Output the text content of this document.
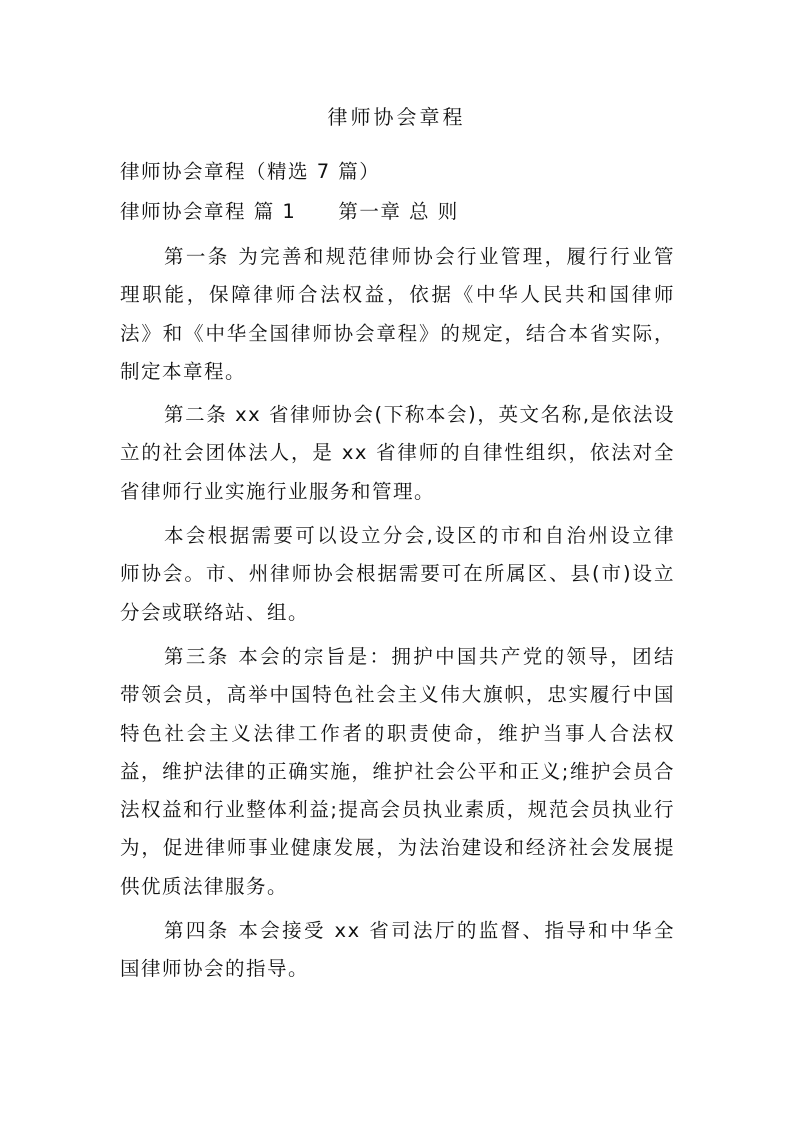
律师协会章程

律师协会章程（精选 7 篇）

律师协会章程 篇 1 第一章 总 则

第一条 为完善和规范律师协会行业管理，履行行业管理职能，保障律师合法权益，依据《中华人民共和国律师法》和《中华全国律师协会章程》的规定，结合本省实际，制定本章程。

第二条 xx 省律师协会(下称本会)，英文名称,是依法设立的社会团体法人，是 xx 省律师的自律性组织，依法对全省律师行业实施行业服务和管理。

本会根据需要可以设立分会,设区的市和自治州设立律师协会。市、州律师协会根据需要可在所属区、县(市)设立分会或联络站、组。

第三条 本会的宗旨是：拥护中国共产党的领导，团结带领会员，高举中国特色社会主义伟大旗帜，忠实履行中国特色社会主义法律工作者的职责使命，维护当事人合法权益，维护法律的正确实施，维护社会公平和正义;维护会员合法权益和行业整体利益;提高会员执业素质，规范会员执业行为，促进律师事业健康发展，为法治建设和经济社会发展提供优质法律服务。

第四条 本会接受 xx 省司法厅的监督、指导和中华全国律师协会的指导。
